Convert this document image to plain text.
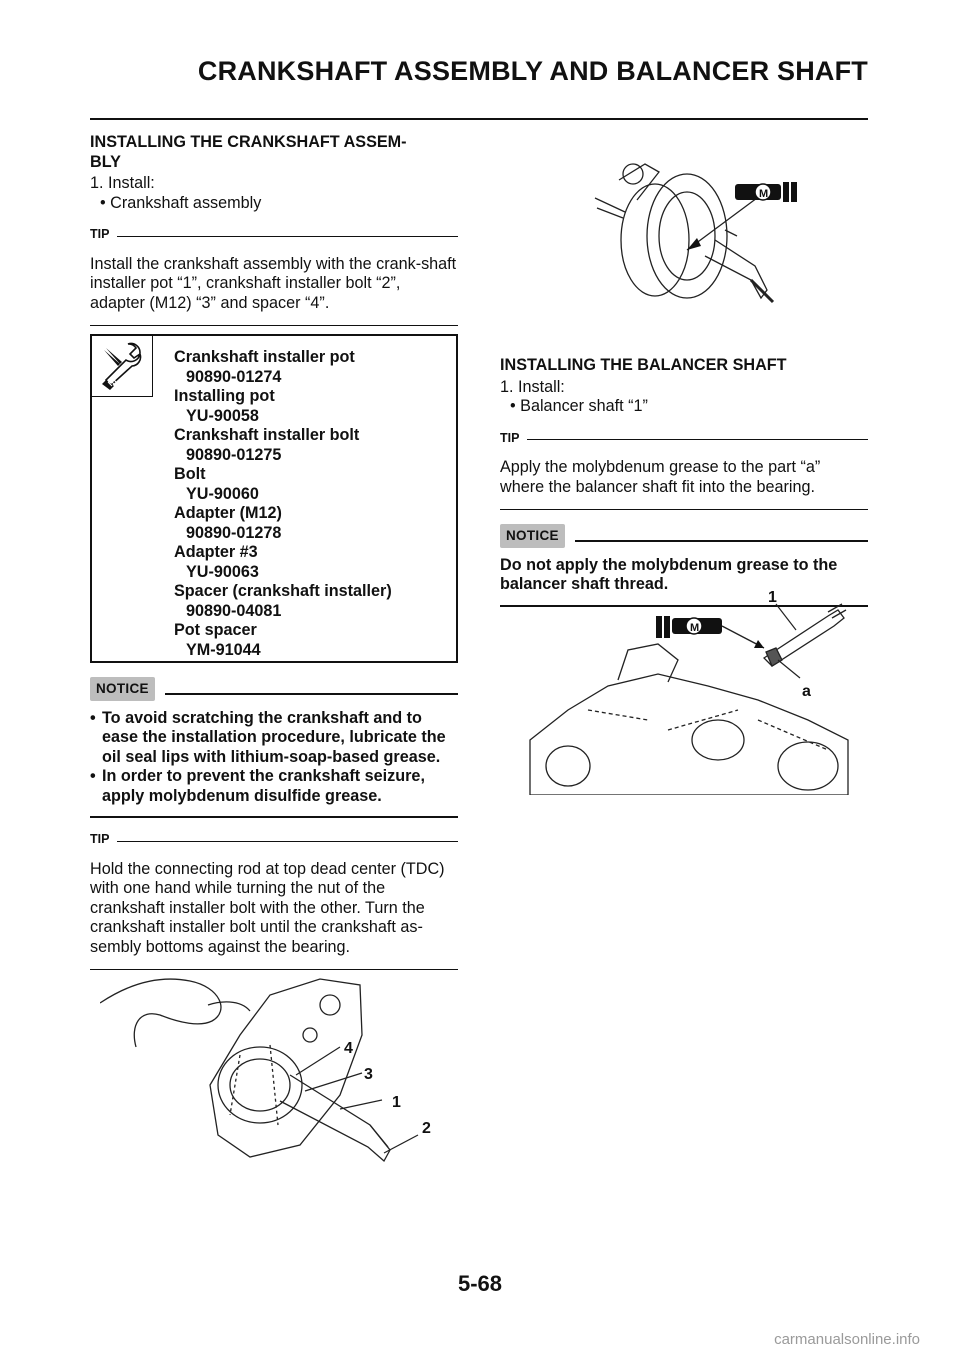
CRANKSHAFT ASSEMBLY AND BALANCER SHAFT
INSTALLING THE CRANKSHAFT ASSEM-
BLY
1. Install:
• Crankshaft assembly
TIP
Install the crankshaft assembly with the crank-shaft installer pot “1”, crankshaft installer bolt “2”, adapter (M12) “3” and spacer “4”.
Crankshaft installer pot
90890-01274
Installing pot
YU-90058
Crankshaft installer bolt
90890-01275
Bolt
YU-90060
Adapter (M12)
90890-01278
Adapter #3
YU-90063
Spacer (crankshaft installer)
90890-04081
Pot spacer
YM-91044
NOTICE
• To avoid scratching the crankshaft and to ease the installation procedure, lubricate the oil seal lips with lithium-soap-based grease.
• In order to prevent the crankshaft seizure, apply molybdenum disulfide grease.
TIP
Hold the connecting rod at top dead center (TDC) with one hand while turning the nut of the crankshaft installer bolt with the other. Turn the crankshaft installer bolt until the crankshaft as-sembly bottoms against the bearing.
4
3
1
2
M
INSTALLING THE BALANCER SHAFT
1. Install:
• Balancer shaft “1”
TIP
Apply the molybdenum grease to the part “a” where the balancer shaft fit into the bearing.
NOTICE
Do not apply the molybdenum grease to the balancer shaft thread.
M
1
a
5-68
carmanualsonline.info
